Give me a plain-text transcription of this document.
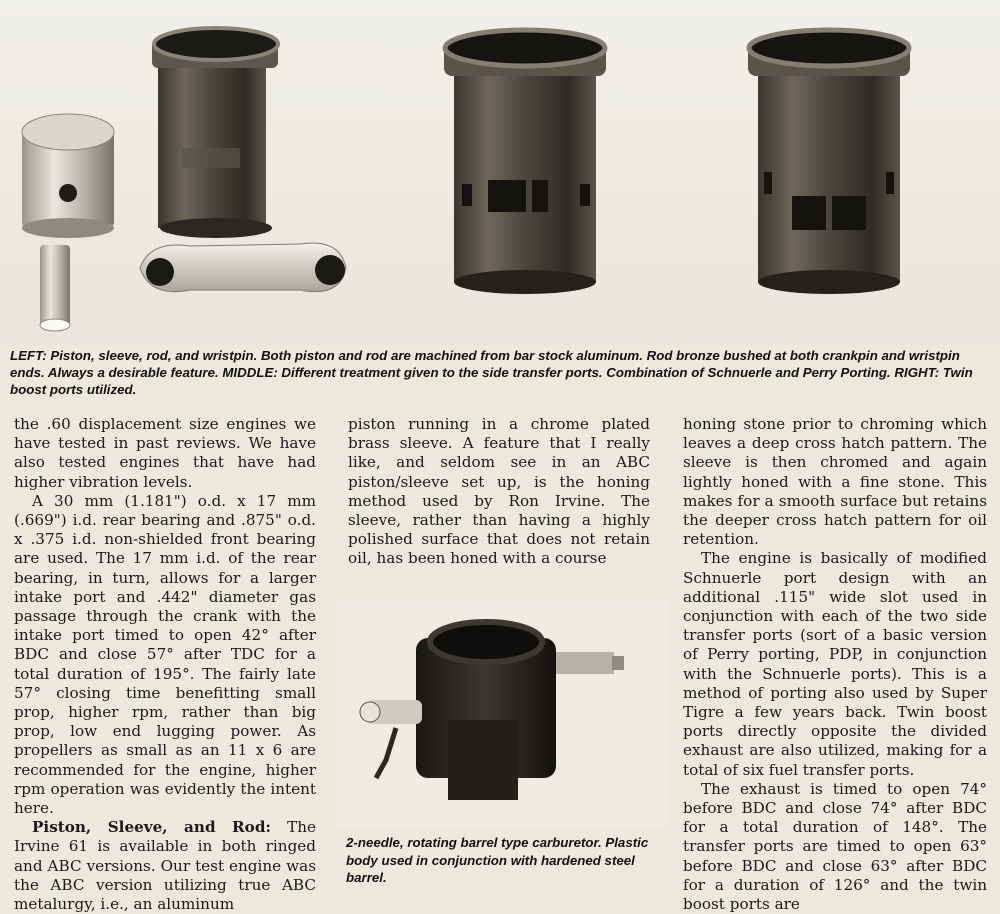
LEFT: Piston, sleeve, rod, and wristpin. Both piston and rod are machined from bar stock aluminum. Rod bronze bushed at both crankpin and wristpin ends. Always a desirable feature. MIDDLE: Different treatment given to the side transfer ports. Combination of Schnuerle and Perry Porting. RIGHT: Twin boost ports utilized.

the .60 displacement size engines we have tested in past reviews. We have also tested engines that have had higher vibration levels.

A 30 mm (1.181") o.d. x 17 mm (.669") i.d. rear bearing and .875" o.d. x .375 i.d. non-shielded front bearing are used. The 17 mm i.d. of the rear bearing, in turn, allows for a larger intake port and .442" diameter gas passage through the crank with the intake port timed to open 42° after BDC and close 57° after TDC for a total duration of 195°. The fairly late 57° closing time benefitting small prop, higher rpm, rather than big prop, low end lugging power. As propellers as small as an 11 x 6 are recommended for the engine, higher rpm operation was evidently the intent here.

Piston, Sleeve, and Rod: The Irvine 61 is available in both ringed and ABC versions. Our test engine was the ABC version utilizing true ABC metalurgy, i.e., an aluminum

piston running in a chrome plated brass sleeve. A feature that I really like, and seldom see in an ABC piston/sleeve set up, is the honing method used by Ron Irvine. The sleeve, rather than having a highly polished surface that does not retain oil, has been honed with a course

2-needle, rotating barrel type carburetor. Plastic body used in conjunction with hardened steel barrel.

honing stone prior to chroming which leaves a deep cross hatch pattern. The sleeve is then chromed and again lightly honed with a fine stone. This makes for a smooth surface but retains the deeper cross hatch pattern for oil retention.

The engine is basically of modified Schnuerle port design with an additional .115" wide slot used in conjunction with each of the two side transfer ports (sort of a basic version of Perry porting, PDP, in conjunction with the Schnuerle ports). This is a method of porting also used by Super Tigre a few years back. Twin boost ports directly opposite the divided exhaust are also utilized, making for a total of six fuel transfer ports.

The exhaust is timed to open 74° before BDC and close 74° after BDC for a total duration of 148°. The transfer ports are timed to open 63° before BDC and close 63° after BDC for a duration of 126° and the twin boost ports are
